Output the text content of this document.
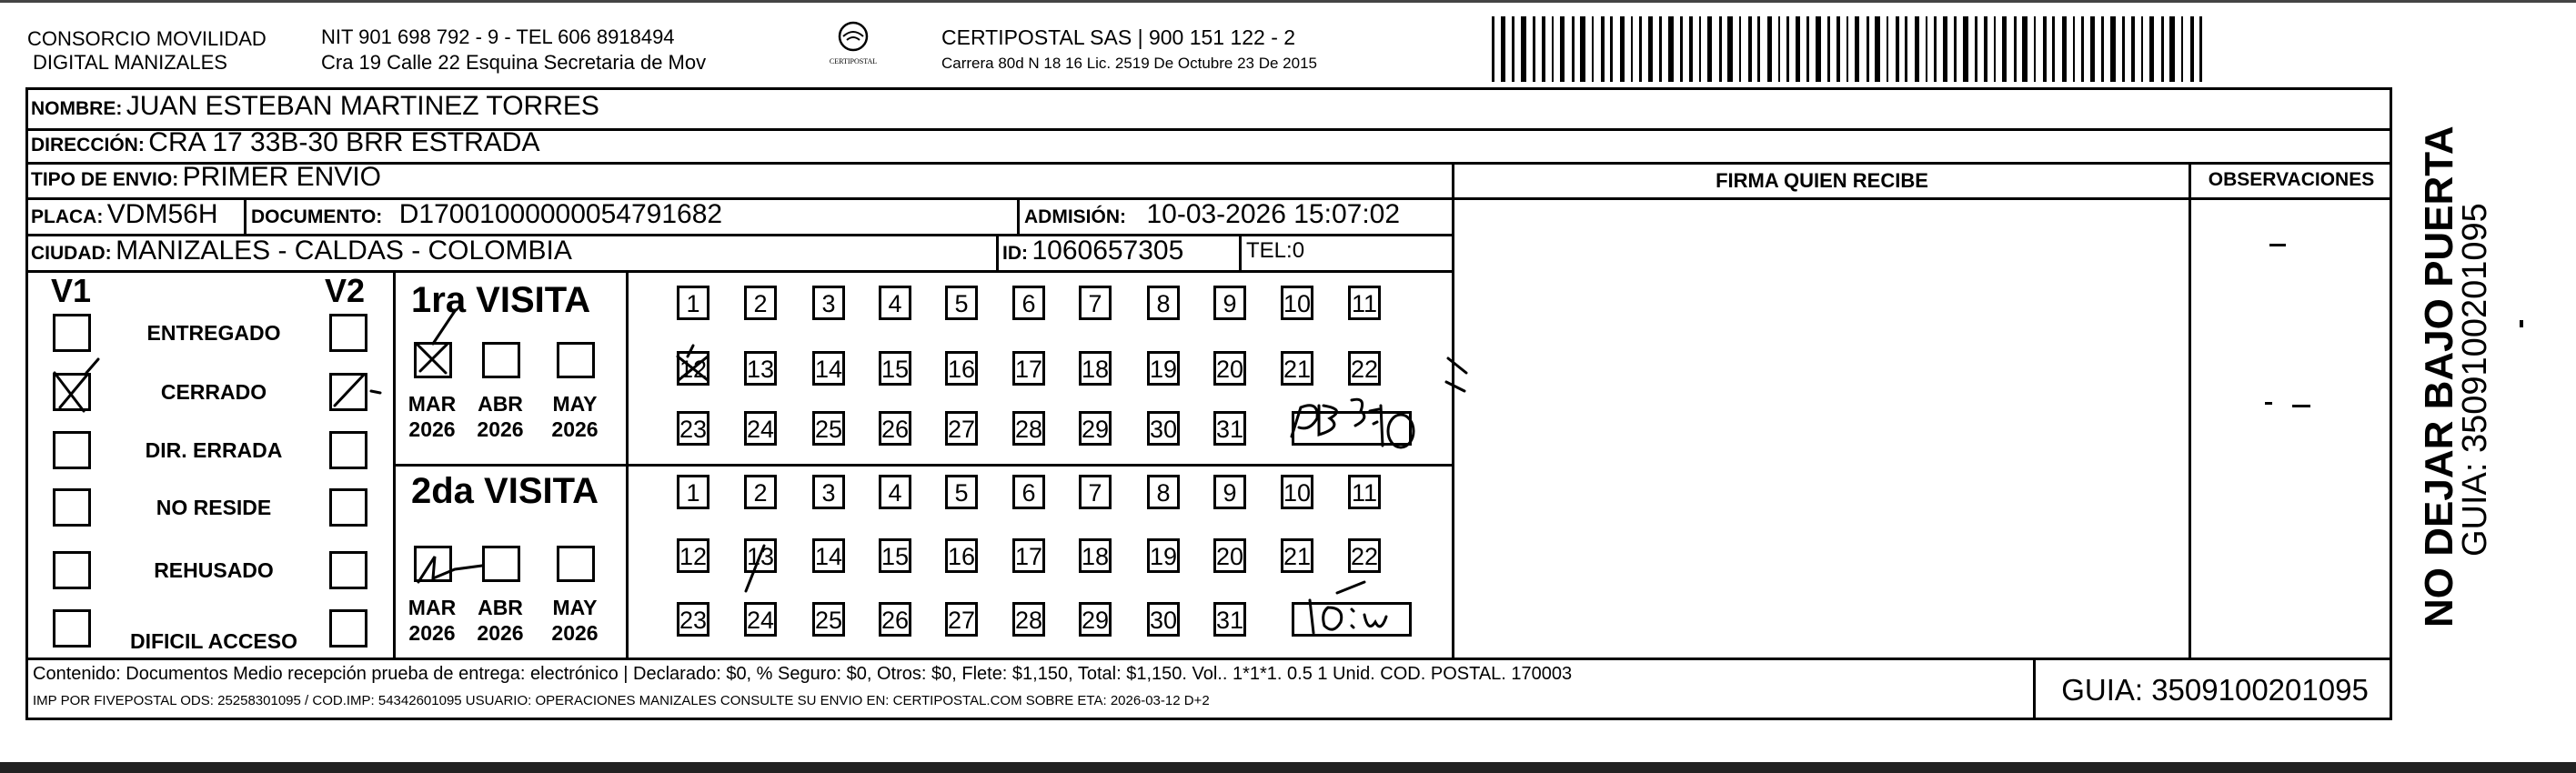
CONSORCIO MOVILIDAD
DIGITAL MANIZALES
NIT 901 698 792 - 9 - TEL 606 8918494
Cra 19 Calle 22 Esquina Secretaria de Mov	CERTIPOSTAL
CERTIPOSTAL SAS | 900 151 122 - 2
Carrera 80d N 18 16 Lic. 2519 De Octubre 23 De 2015
NOMBRE: JUAN ESTEBAN MARTINEZ TORRES
DIRECCIÓN: CRA 17 33B-30 BRR ESTRADA
TIPO DE ENVIO: PRIMER ENVIO
PLACA: VDM56H DOCUMENTO: D17001000000054791682	ADMISIÓN: 10-03-2026 15:07:02
CIUDAD: MANIZALES - CALDAS - COLOMBIA	ID: 1060657305	TEL:0
FIRMA QUIEN RECIBE	OBSERVACIONES
V1	V2
ENTREGADO
CERRADO
DIR. ERRADA
NO RESIDE
REHUSADO
DIFICIL ACCESO
1ra VISITA
2da VISITA
MAR
2026
ABR
2026
MAY
2026
MAR
2026
ABR
2026
MAY
2026
1	2	3	4	5	6	7	8	9	10 11
12 13 14 15 16 17 18 19 20 21 22
23 24 25 26 27 28 29 30 31
1	2	3	4	5	6	7	8	9	10 11
12 13 14 15 16 17 18 19 20 21 22
23 24 25 26 27 28 29 30 31
Contenido: Documentos Medio recepción prueba de entrega: electrónico | Declarado: $0, % Seguro: $0, Otros: $0, Flete: $1,150, Total: $1,150. Vol.. 1*1*1. 0.5 1 Unid. COD. POSTAL. 170003
IMP POR FIVEPOSTAL ODS: 25258301095 / COD.IMP: 54342601095 USUARIO: OPERACIONES MANIZALES CONSULTE SU ENVIO EN: CERTIPOSTAL.COM SOBRE ETA: 2026-03-12 D+2	GUIA: 3509100201095
NO DEJAR BAJO PUERTA
GUIA: 3509100201095
